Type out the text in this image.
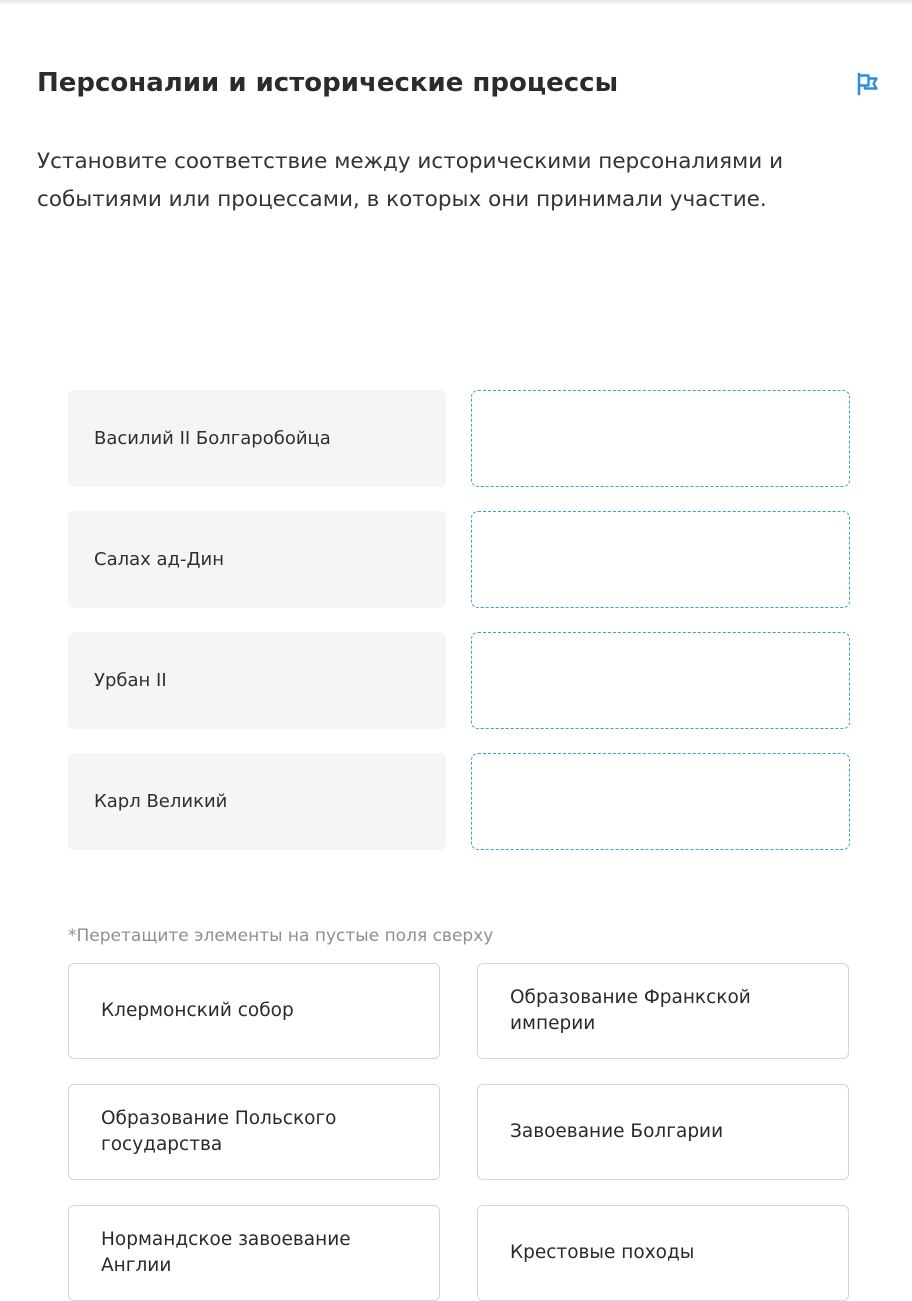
Персоналии и исторические процессы

Установите соответствие между историческими персоналиями и событиями или процессами, в которых они принимали участие.

Василий II Болгаробойца
Салах ад-Дин
Урбан II
Карл Великий
*Перетащите элементы на пустые поля сверху
Клермонский собор
Образование Франкской империи
Образование Польского государства
Завоевание Болгарии
Нормандское завоевание Англии
Крестовые походы
